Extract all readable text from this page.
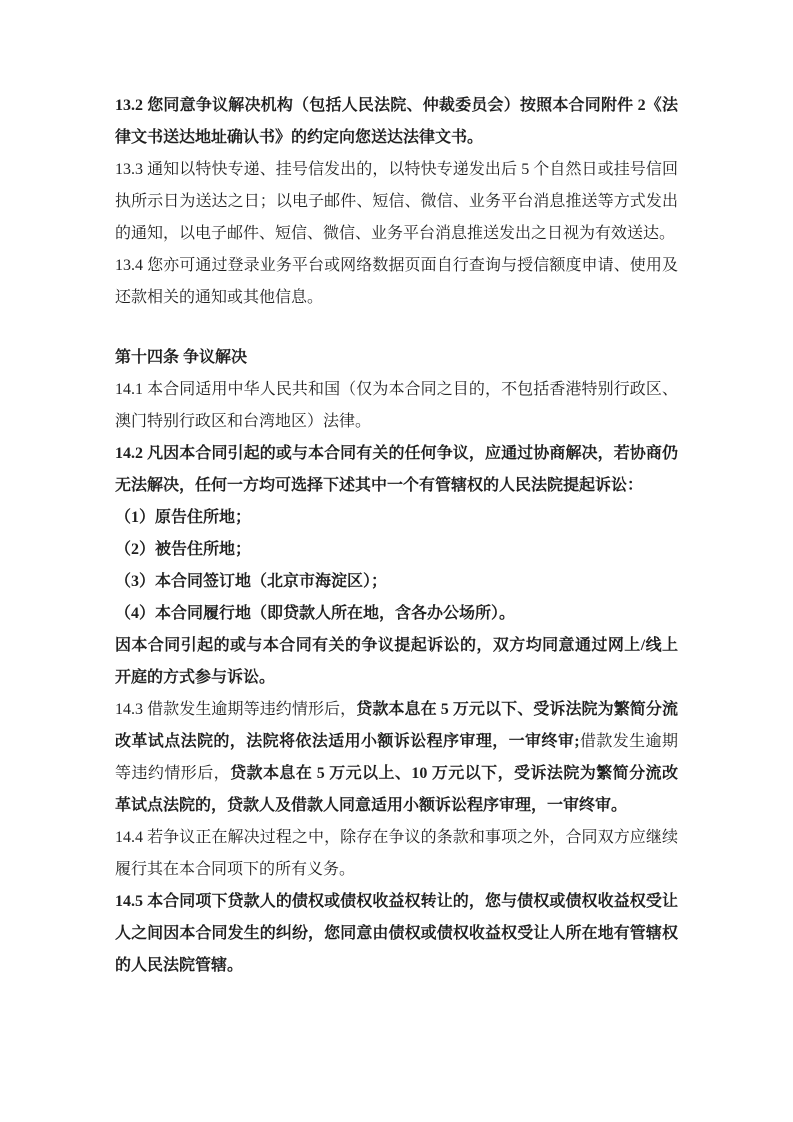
13.2 您同意争议解决机构（包括人民法院、仲裁委员会）按照本合同附件 2《法律文书送达地址确认书》的约定向您送达法律文书。

13.3 通知以特快专递、挂号信发出的，以特快专递发出后 5 个自然日或挂号信回执所示日为送达之日；以电子邮件、短信、微信、业务平台消息推送等方式发出的通知，以电子邮件、短信、微信、业务平台消息推送发出之日视为有效送达。

13.4 您亦可通过登录业务平台或网络数据页面自行查询与授信额度申请、使用及还款相关的通知或其他信息。

第十四条 争议解决

14.1 本合同适用中华人民共和国（仅为本合同之目的，不包括香港特别行政区、澳门特别行政区和台湾地区）法律。

14.2 凡因本合同引起的或与本合同有关的任何争议，应通过协商解决，若协商仍无法解决，任何一方均可选择下述其中一个有管辖权的人民法院提起诉讼：

（1）原告住所地；

（2）被告住所地；

（3）本合同签订地（北京市海淀区）；

（4）本合同履行地（即贷款人所在地，含各办公场所）。

因本合同引起的或与本合同有关的争议提起诉讼的，双方均同意通过网上/线上开庭的方式参与诉讼。

14.3 借款发生逾期等违约情形后，贷款本息在 5 万元以下、受诉法院为繁简分流改革试点法院的，法院将依法适用小额诉讼程序审理，一审终审;借款发生逾期等违约情形后，贷款本息在 5 万元以上、10 万元以下，受诉法院为繁简分流改革试点法院的，贷款人及借款人同意适用小额诉讼程序审理，一审终审。

14.4 若争议正在解决过程之中，除存在争议的条款和事项之外，合同双方应继续履行其在本合同项下的所有义务。

14.5 本合同项下贷款人的债权或债权收益权转让的，您与债权或债权收益权受让人之间因本合同发生的纠纷，您同意由债权或债权收益权受让人所在地有管辖权的人民法院管辖。
